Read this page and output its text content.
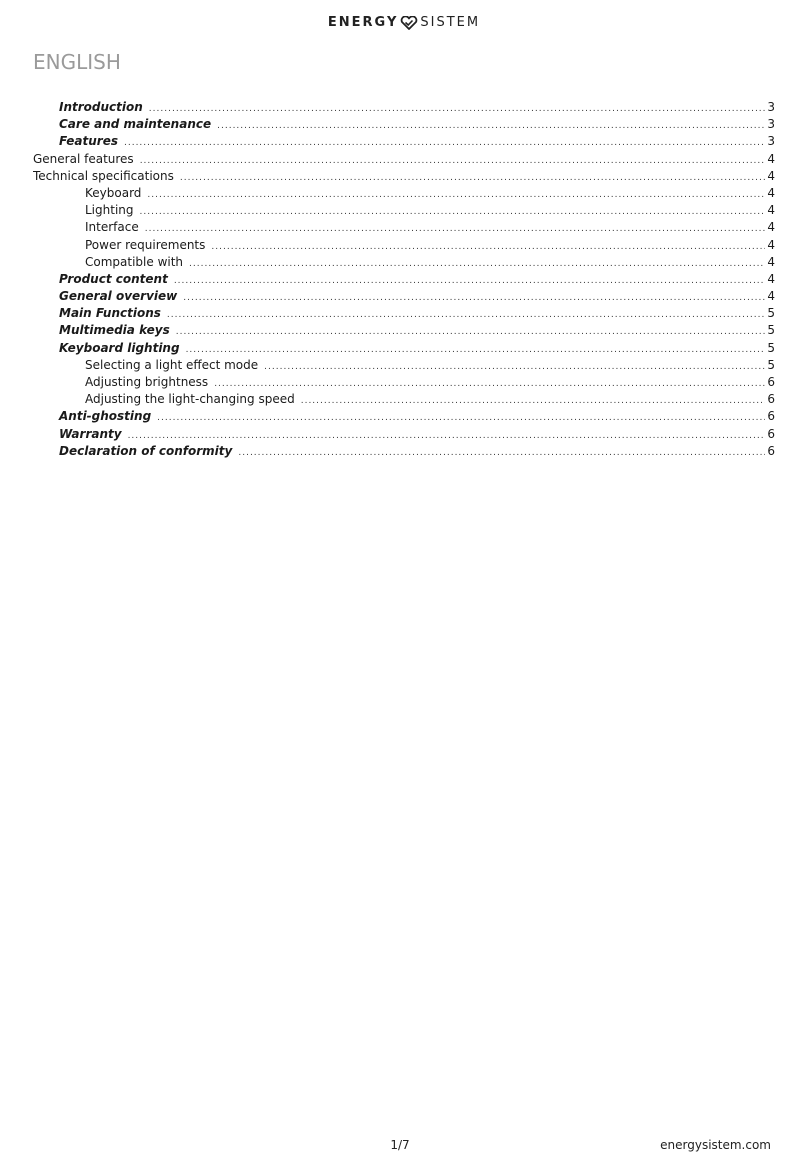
ENERGY SISTEM
ENGLISH
Introduction .....	3
Care and maintenance .....	3
Features .....	3
General features .....	4
Technical specifications .....	4
Keyboard .....	4
Lighting .....	4
Interface .....	4
Power requirements .....	4
Compatible with .....	4
Product content .....	4
General overview .....	4
Main Functions .....	5
Multimedia keys .....	5
Keyboard lighting .....	5
Selecting a light effect mode .....	5
Adjusting brightness .....	6
Adjusting the light-changing speed .....	6
Anti-ghosting .....	6
Warranty .....	6
Declaration of conformity .....	6
1/7	energysistem.com
